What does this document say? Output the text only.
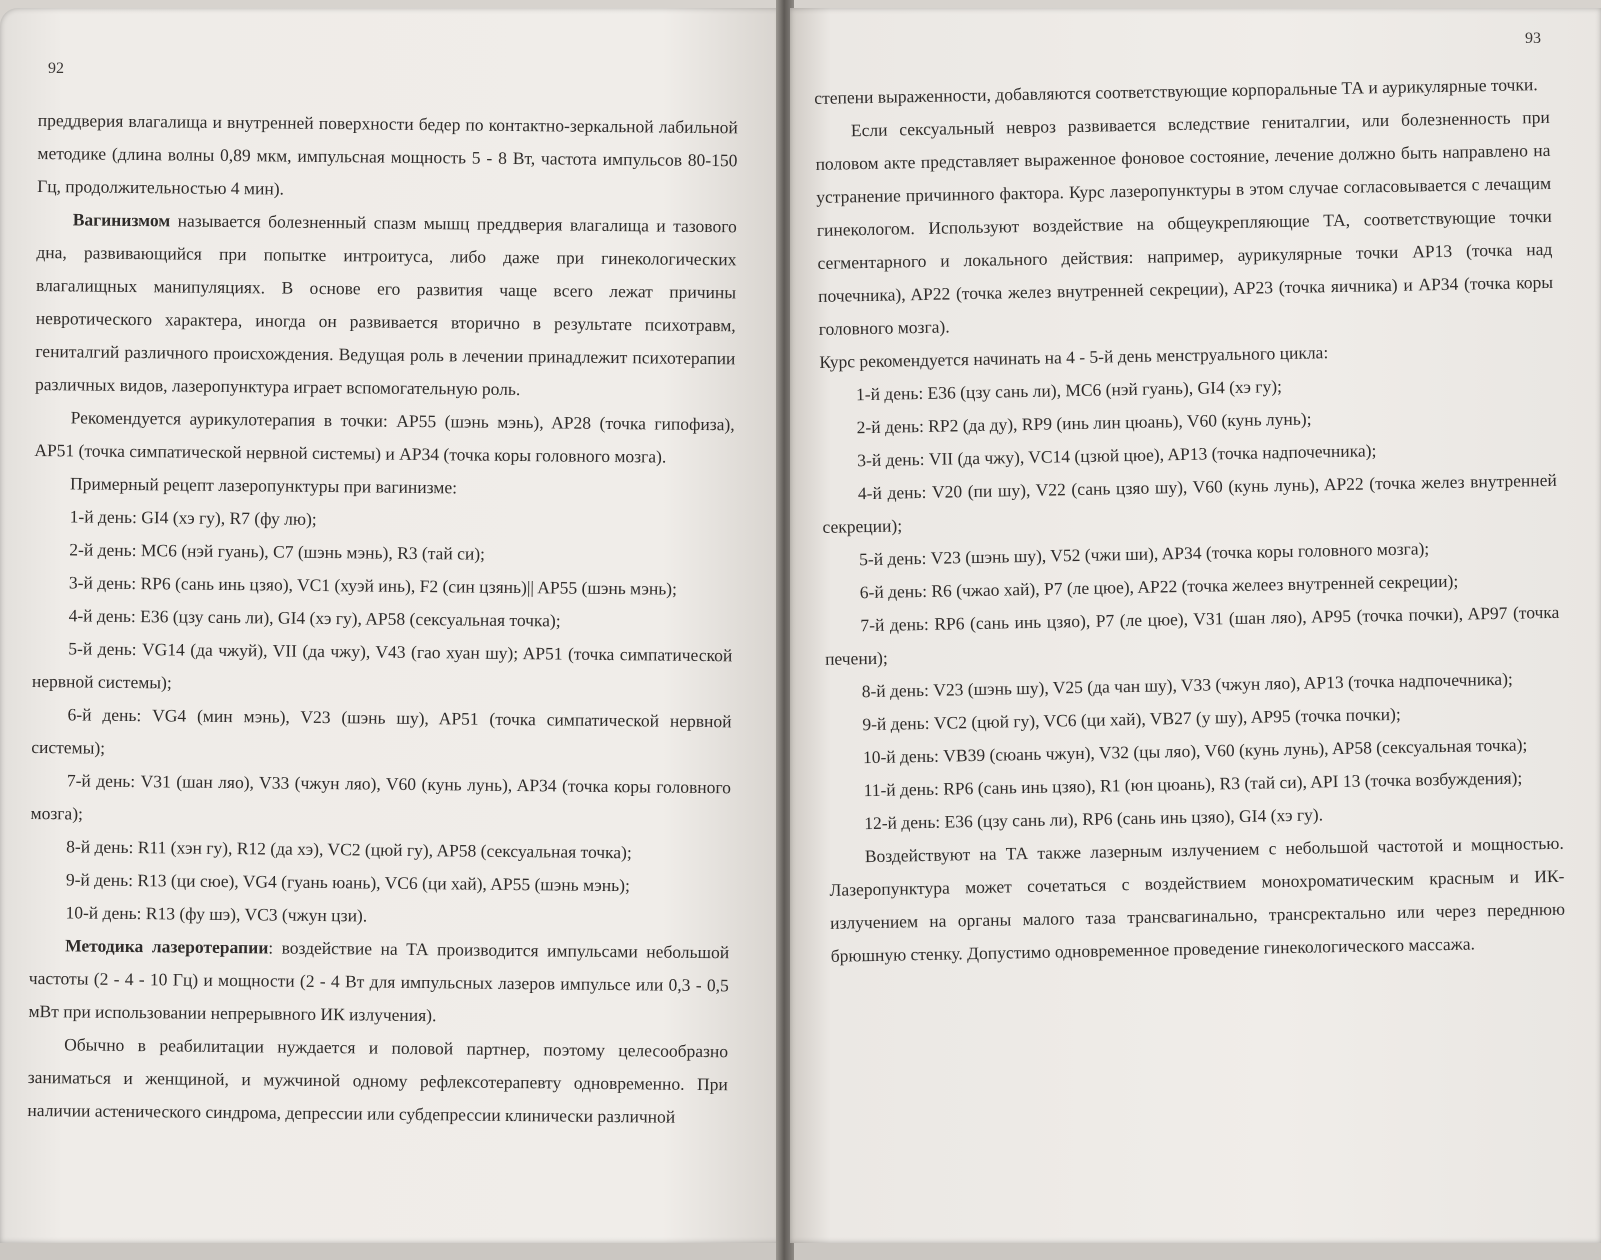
92

преддверия влагалища и внутренней поверхности бедер по контактно-зеркальной лабильной методике (длина волны 0,89 мкм, импульсная мощность 5 - 8 Вт, частота импульсов 80-150 Гц, продолжительностью 4 мин).

Вагинизмом называется болезненный спазм мышц преддверия влагалища и тазового дна, развивающийся при попытке интроитуса, либо даже при гинекологических влагалищных манипуляциях. В основе его развития чаще всего лежат причины невротического характера, иногда он развивается вторично в результате психотравм, гениталгий различного происхождения. Ведущая роль в лечении принадлежит психотерапии различных видов, лазеропунктура играет вспомогательную роль.

Рекомендуется аурикулотерапия в точки: AP55 (шэнь мэнь), AP28 (точка гипофиза), AP51 (точка симпатической нервной системы) и AP34 (точка коры головного мозга).

Примерный рецепт лазеропунктуры при вагинизме:

1-й день: GI4 (хэ гу), R7 (фу лю);

2-й день: MC6 (нэй гуань), C7 (шэнь мэнь), R3 (тай си);

3-й день: RP6 (сань инь цзяо), VC1 (хуэй инь), F2 (син цзянь)|| AP55 (шэнь мэнь);

4-й день: E36 (цзу сань ли), GI4 (хэ гу), AP58 (сексуальная точка);

5-й день: VG14 (да чжуй), VII (да чжу), V43 (гао хуан шу); AP51 (точка симпатической нервной системы);

6-й день: VG4 (мин мэнь), V23 (шэнь шу), AP51 (точка симпатической нервной системы);

7-й день: V31 (шан ляо), V33 (чжун ляо), V60 (кунь лунь), AP34 (точка коры головного мозга);

8-й день: R11 (хэн гу), R12 (да хэ), VC2 (цюй гу), AP58 (сексуальная точка);

9-й день: R13 (ци сюе), VG4 (гуань юань), VC6 (ци хай), AP55 (шэнь мэнь);

10-й день: R13 (фу шэ), VC3 (чжун цзи).

Методика лазеротерапии: воздействие на ТА производится импульсами небольшой частоты (2 - 4 - 10 Гц) и мощности (2 - 4 Вт для импульсных лазеров импульсе или 0,3 - 0,5 мВт при использовании непрерывного ИК излучения).

Обычно в реабилитации нуждается и половой партнер, поэтому целесообразно заниматься и женщиной, и мужчиной одному рефлексотерапевту одновременно. При наличии астенического синдрома, депрессии или субдепрессии клинически различной

93

степени выраженности, добавляются соответствующие корпоральные ТА и аурикулярные точки.

Если сексуальный невроз развивается вследствие гениталгии, или болезненность при половом акте представляет выраженное фоновое состояние, лечение должно быть направлено на устранение причинного фактора. Курс лазеропунктуры в этом случае согласовывается с лечащим гинекологом. Используют воздействие на общеукрепляющие ТА, соответствующие точки сегментарного и локального действия: например, аурикулярные точки AP13 (точка над почечника), AP22 (точка желез внутренней секреции), AP23 (точка яичника) и AP34 (точка коры головного мозга).

Курс рекомендуется начинать на 4 - 5-й день менструального цикла:

1-й день: E36 (цзу сань ли), MC6 (нэй гуань), GI4 (хэ гу);

2-й день: RP2 (да ду), RP9 (инь лин цюань), V60 (кунь лунь);

3-й день: VII (да чжу), VC14 (цзюй цюе), AP13 (точка надпочечника);

4-й день: V20 (пи шу), V22 (сань цзяо шу), V60 (кунь лунь), AP22 (точка желез внутренней секреции);

5-й день: V23 (шэнь шу), V52 (чжи ши), AP34 (точка коры головного мозга);

6-й день: R6 (чжао хай), P7 (ле цюе), AP22 (точка желеез внутренней секреции);

7-й день: RP6 (сань инь цзяо), P7 (ле цюе), V31 (шан ляо), AP95 (точка почки), AP97 (точка печени);

8-й день: V23 (шэнь шу), V25 (да чан шу), V33 (чжун ляо), AP13 (точка надпочечника);

9-й день: VC2 (цюй гу), VC6 (ци хай), VB27 (у шу), AP95 (точка почки);

10-й день: VB39 (сюань чжун), V32 (цы ляо), V60 (кунь лунь), AP58 (сексуальная точка);

11-й день: RP6 (сань инь цзяо), R1 (юн цюань), R3 (тай си), API 13 (точка возбуждения);

12-й день: E36 (цзу сань ли), RP6 (сань инь цзяо), GI4 (хэ гу).

Воздействуют на ТА также лазерным излучением с небольшой частотой и мощностью. Лазеропунктура может сочетаться с воздействием монохроматическим красным и ИК-излучением на органы малого таза трансвагинально, трансректально или через переднюю брюшную стенку. Допустимо одновременное проведение гинекологического массажа.
